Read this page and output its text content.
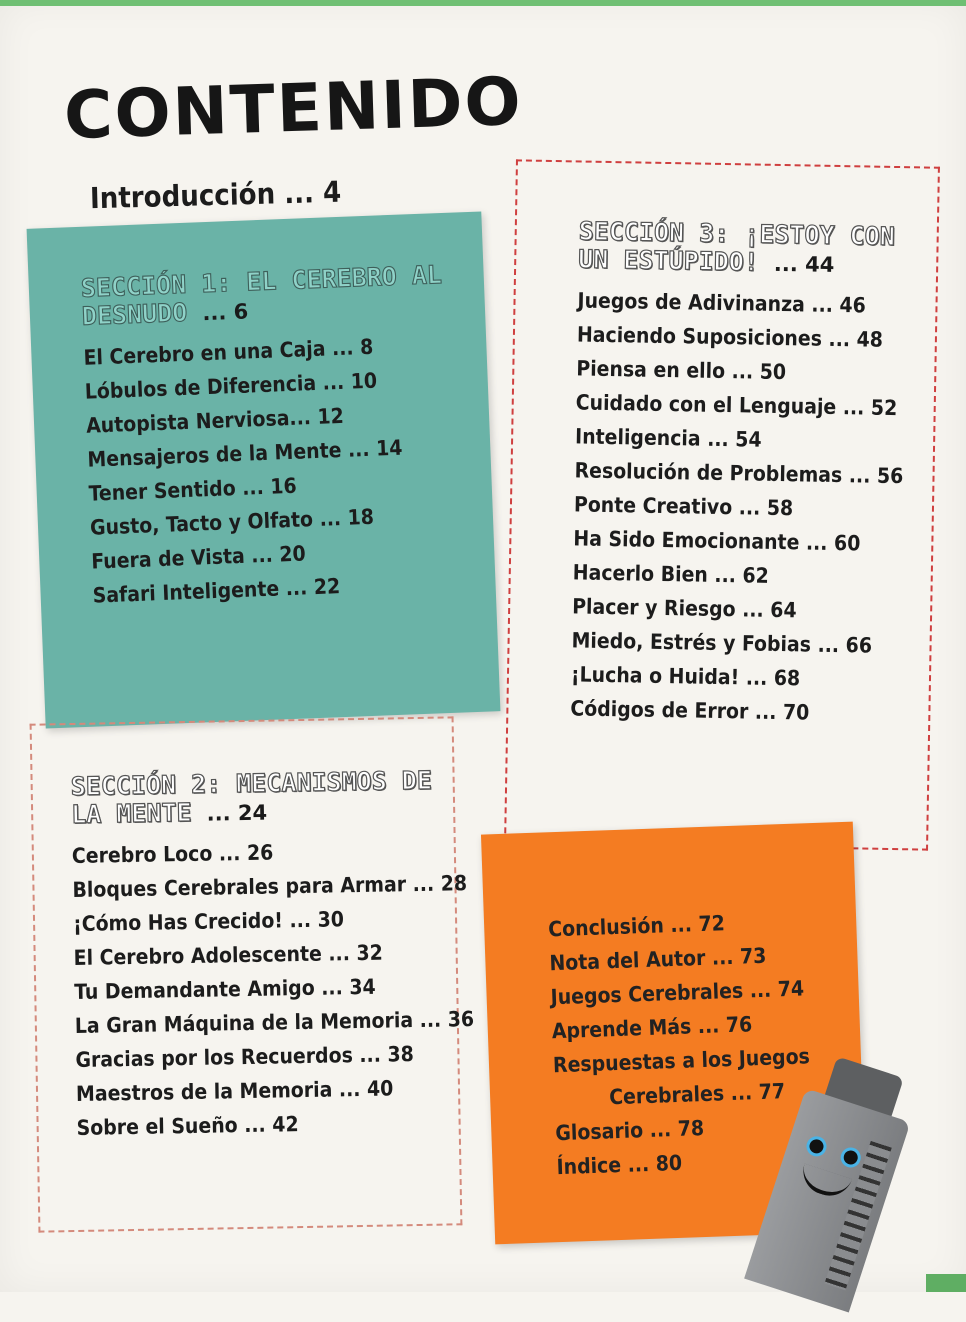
CONTENIDO
Introducción ... 4
SECCIÓN 1: EL CEREBRO AL DESNUDO ... 6
El Cerebro en una Caja ... 8
Lóbulos de Diferencia ... 10
Autopista Nerviosa... 12
Mensajeros de la Mente ... 14
Tener Sentido ... 16
Gusto, Tacto y Olfato ... 18
Fuera de Vista ... 20
Safari Inteligente ... 22
SECCIÓN 2: MECANISMOS DE LA MENTE ... 24
Cerebro Loco ... 26
Bloques Cerebrales para Armar ... 28
¡Cómo Has Crecido! ... 30
El Cerebro Adolescente ... 32
Tu Demandante Amigo ... 34
La Gran Máquina de la Memoria ... 36
Gracias por los Recuerdos ... 38
Maestros de la Memoria ... 40
Sobre el Sueño ... 42
SECCIÓN 3: ¡ESTOY CON UN ESTÚPIDO! ... 44
Juegos de Adivinanza ... 46
Haciendo Suposiciones ... 48
Piensa en ello ... 50
Cuidado con el Lenguaje ... 52
Inteligencia ... 54
Resolución de Problemas ... 56
Ponte Creativo ... 58
Ha Sido Emocionante ... 60
Hacerlo Bien ... 62
Placer y Riesgo ... 64
Miedo, Estrés y Fobias ... 66
¡Lucha o Huida! ... 68
Códigos de Error ... 70
Conclusión ... 72
Nota del Autor ... 73
Juegos Cerebrales ... 74
Aprende Más ... 76
Respuestas a los Juegos
Cerebrales ... 77
Glosario ... 78
Índice ... 80
